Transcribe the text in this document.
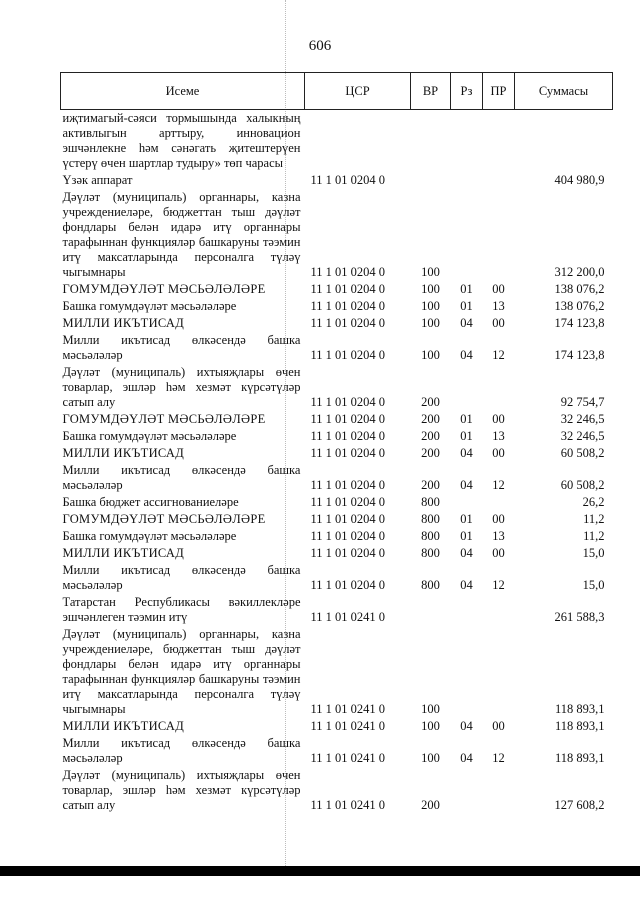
606
Исеме	ЦСР	ВР	Рз	ПР	Суммасы
иҗтимагый-сәяси тормышында халыкның активлыгын арттыру, инновацион эшчәнлекне һәм сәнәгать җитештерүен үстерү өчен шартлар тудыру» төп чарасы					
Үзәк аппарат	11 1 01 0204 0				404 980,9
Дәүләт (муниципаль) органнары, казна учреждениеләре, бюджеттан тыш дәүләт фондлары белән идарә итү органнары тарафыннан функцияләр башкаруны тәэмин итү максатларында персоналга түләү чыгымнары	11 1 01 0204 0	100			312 200,0
ГОМУМДӘҮЛӘТ МӘСЬӘЛӘЛӘРЕ	11 1 01 0204 0	100	01	00	138 076,2
Башка гомумдәүләт мәсьәләләре	11 1 01 0204 0	100	01	13	138 076,2
МИЛЛИ ИКЪТИСАД	11 1 01 0204 0	100	04	00	174 123,8
Милли икътисад өлкәсендә башка мәсьәләләр	11 1 01 0204 0	100	04	12	174 123,8
Дәүләт (муниципаль) ихтыяҗлары өчен товарлар, эшләр һәм хезмәт күрсәтүләр сатып алу	11 1 01 0204 0	200			92 754,7
ГОМУМДӘҮЛӘТ МӘСЬӘЛӘЛӘРЕ	11 1 01 0204 0	200	01	00	32 246,5
Башка гомумдәүләт мәсьәләләре	11 1 01 0204 0	200	01	13	32 246,5
МИЛЛИ ИКЪТИСАД	11 1 01 0204 0	200	04	00	60 508,2
Милли икътисад өлкәсендә башка мәсьәләләр	11 1 01 0204 0	200	04	12	60 508,2
Башка бюджет ассигнованиеләре	11 1 01 0204 0	800			26,2
ГОМУМДӘҮЛӘТ МӘСЬӘЛӘЛӘРЕ	11 1 01 0204 0	800	01	00	11,2
Башка гомумдәүләт мәсьәләләре	11 1 01 0204 0	800	01	13	11,2
МИЛЛИ ИКЪТИСАД	11 1 01 0204 0	800	04	00	15,0
Милли икътисад өлкәсендә башка мәсьәләләр	11 1 01 0204 0	800	04	12	15,0
Татарстан Республикасы вәкиллекләре эшчәнлеген тәэмин итү	11 1 01 0241 0				261 588,3
Дәүләт (муниципаль) органнары, казна учреждениеләре, бюджеттан тыш дәүләт фондлары белән идарә итү органнары тарафыннан функцияләр башкаруны тәэмин итү максатларында персоналга түләү чыгымнары	11 1 01 0241 0	100			118 893,1
МИЛЛИ ИКЪТИСАД	11 1 01 0241 0	100	04	00	118 893,1
Милли икътисад өлкәсендә башка мәсьәләләр	11 1 01 0241 0	100	04	12	118 893,1
Дәүләт (муниципаль) ихтыяҗлары өчен товарлар, эшләр һәм хезмәт күрсәтүләр сатып алу	11 1 01 0241 0	200			127 608,2
